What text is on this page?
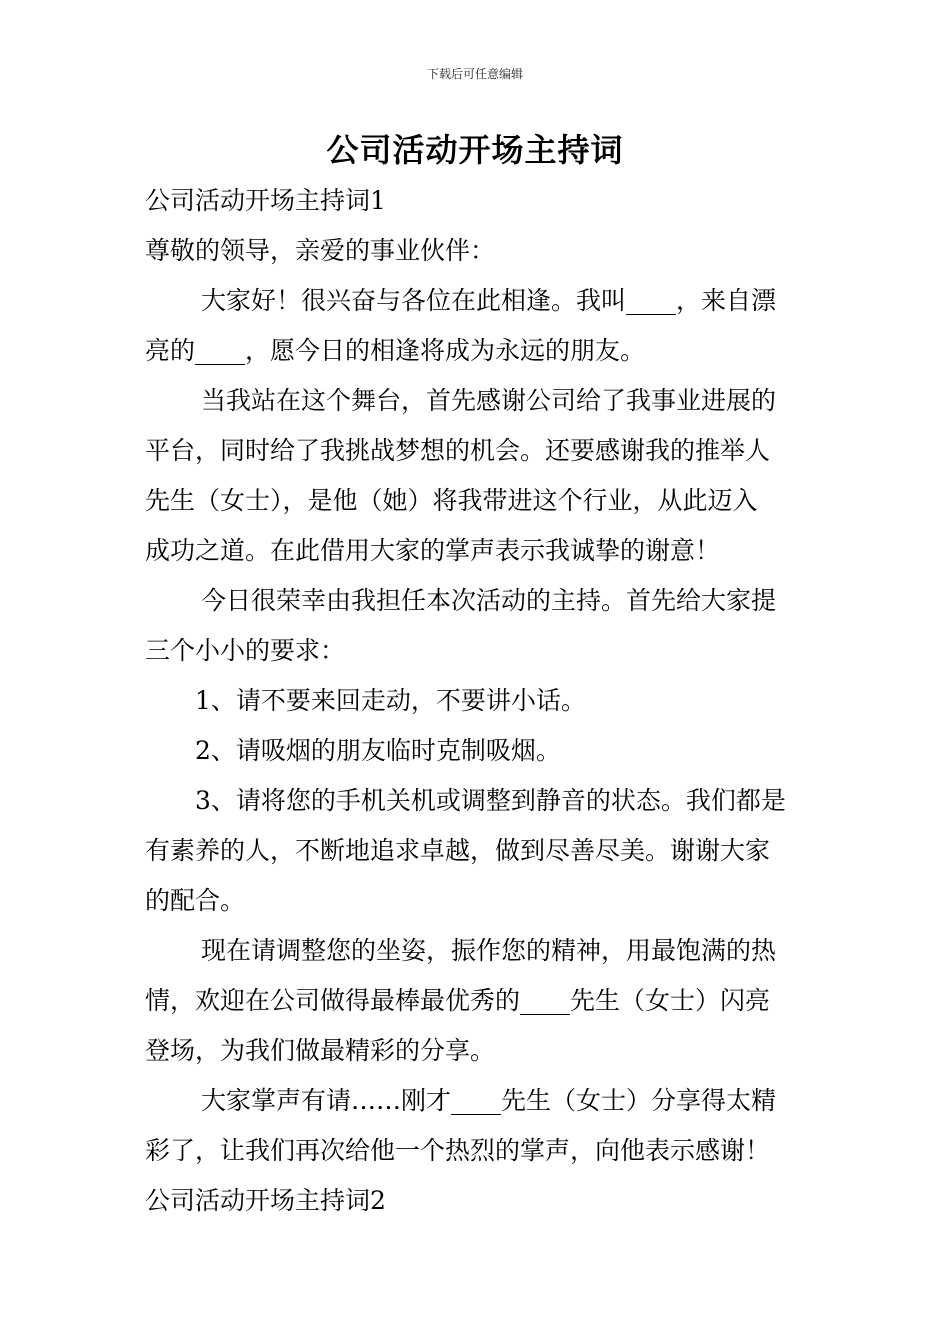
下载后可任意编辑
公司活动开场主持词
公司活动开场主持词1
尊敬的领导，亲爱的事业伙伴：
大家好！很兴奋与各位在此相逢。我叫____，来自漂
亮的____，愿今日的相逢将成为永远的朋友。
当我站在这个舞台，首先感谢公司给了我事业进展的
平台，同时给了我挑战梦想的机会。还要感谢我的推举人
先生（女士），是他（她）将我带进这个行业，从此迈入
成功之道。在此借用大家的掌声表示我诚挚的谢意！
今日很荣幸由我担任本次活动的主持。首先给大家提
三个小小的要求：
1、请不要来回走动，不要讲小话。
2、请吸烟的朋友临时克制吸烟。
3、请将您的手机关机或调整到静音的状态。我们都是
有素养的人，不断地追求卓越，做到尽善尽美。谢谢大家
的配合。
现在请调整您的坐姿，振作您的精神，用最饱满的热
情，欢迎在公司做得最棒最优秀的____先生（女士）闪亮
登场，为我们做最精彩的分享。
大家掌声有请……刚才____先生（女士）分享得太精
彩了，让我们再次给他一个热烈的掌声，向他表示感谢！
公司活动开场主持词2
